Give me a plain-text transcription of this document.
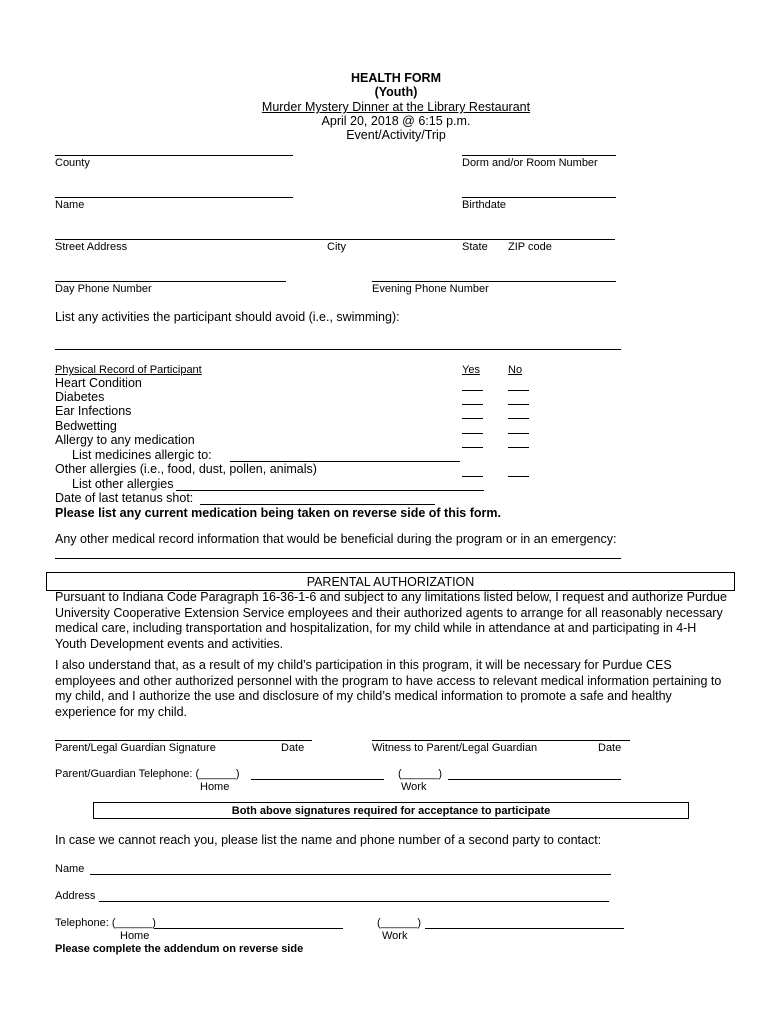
HEALTH FORM
(Youth)
Murder Mystery Dinner at the Library Restaurant
April 20, 2018 @ 6:15 p.m.
Event/Activity/Trip
County	Dorm and/or Room Number
Name	Birthdate
Street Address	City	State ZIP code
Day Phone Number	Evening Phone Number
List any activities the participant should avoid (i.e., swimming):
Physical Record of Participant	Yes	No
Heart Condition
Diabetes
Ear Infections
Bedwetting
Allergy to any medication
List medicines allergic to:
Other allergies (i.e., food, dust, pollen, animals)
List other allergies
Date of last tetanus shot:
Please list any current medication being taken on reverse side of this form.
Any other medical record information that would be beneficial during the program or in an emergency:
PARENTAL AUTHORIZATION
Pursuant to Indiana Code Paragraph 16-36-1-6 and subject to any limitations listed below, I request and authorize Purdue University Cooperative Extension Service employees and their authorized agents to arrange for all reasonably necessary medical care, including transportation and hospitalization, for my child while in attendance at and participating in 4-H Youth Development events and activities.
I also understand that, as a result of my child’s participation in this program, it will be necessary for Purdue CES employees and other authorized personnel with the program to have access to relevant medical information pertaining to my child, and I authorize the use and disclosure of my child’s medical information to promote a safe and healthy experience for my child.
Parent/Legal Guardian Signature	Date	Witness to Parent/Legal Guardian	Date
Parent/Guardian Telephone: (______)	(______)
Home	Work
Both above signatures required for acceptance to participate
In case we cannot reach you, please list the name and phone number of a second party to contact:
Name
Address
Telephone: (______)	(______)
Home	Work
Please complete the addendum on reverse side
